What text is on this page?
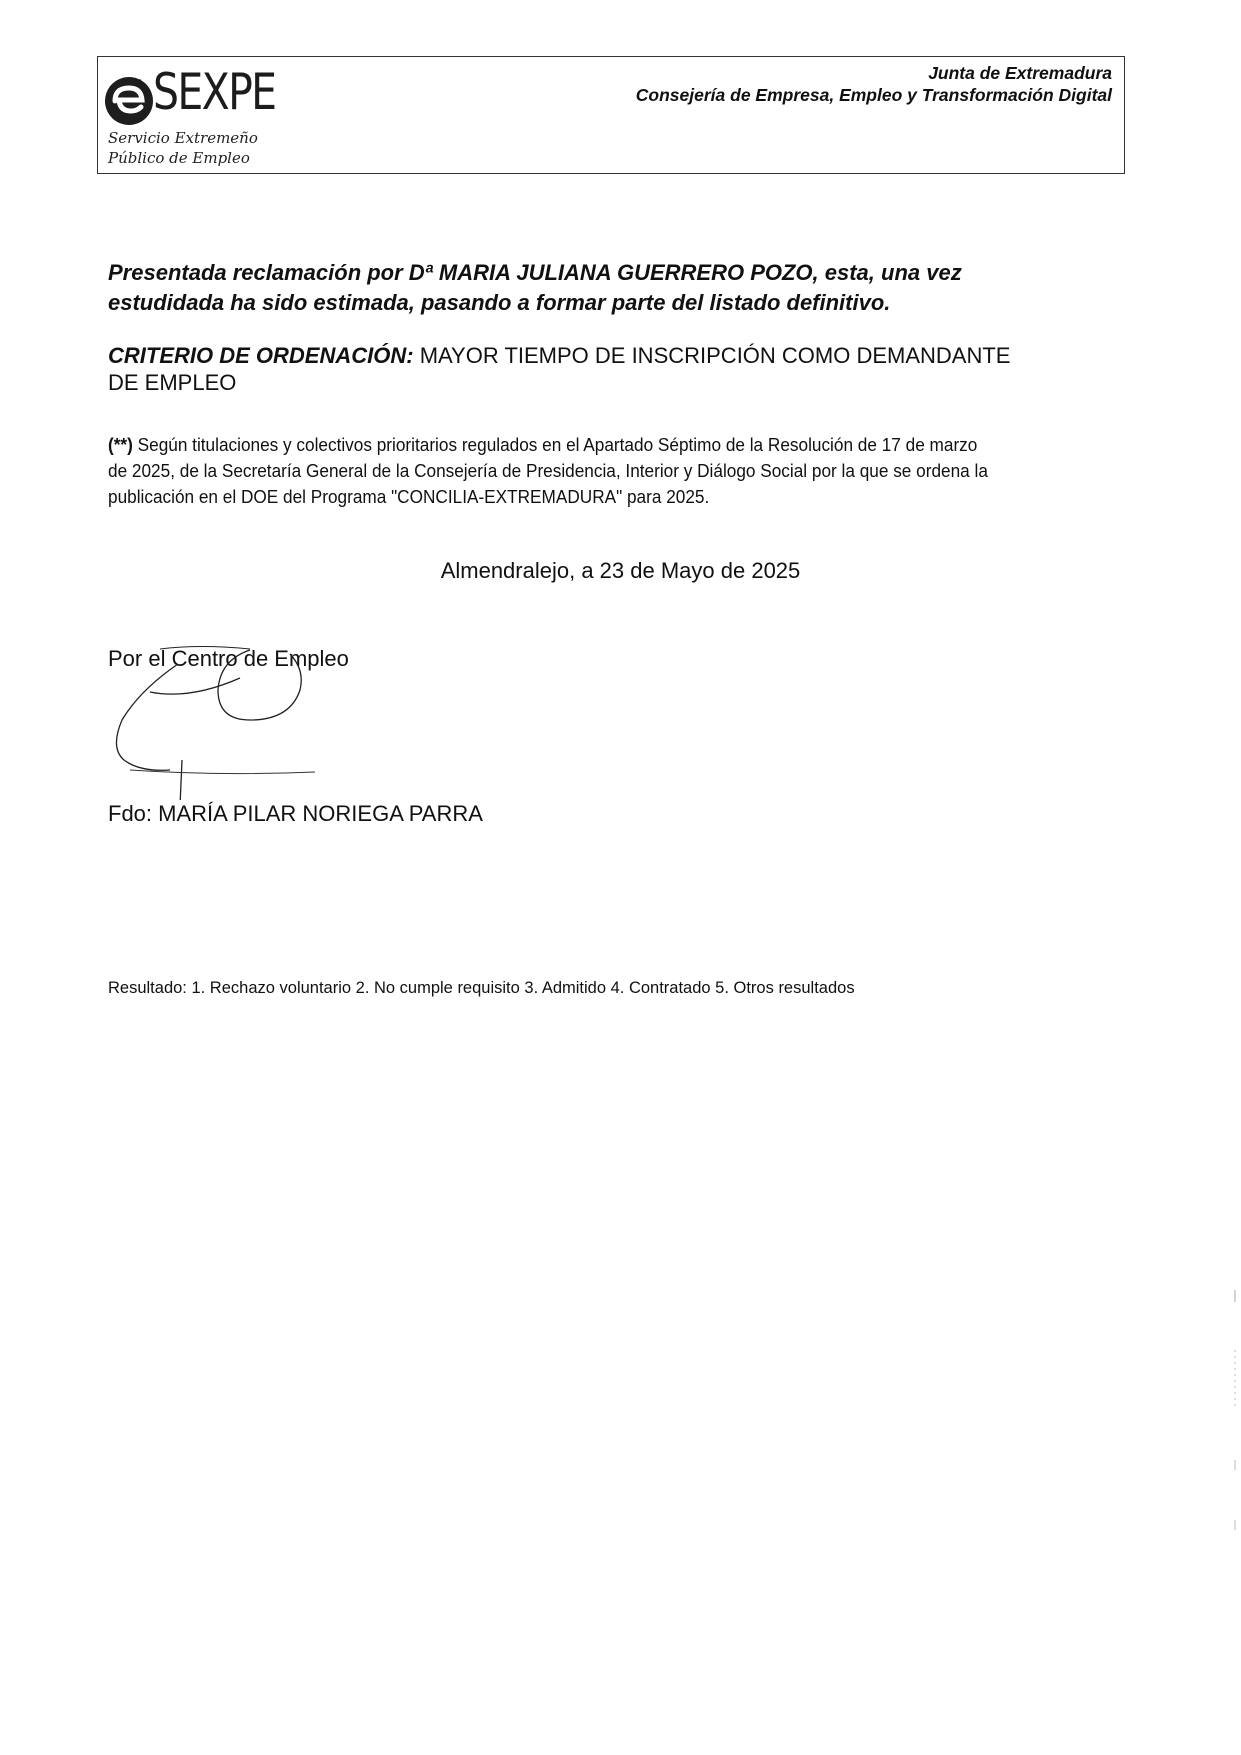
SEXPE
Servicio Extremeño
Público de Empleo
Junta de Extremadura
Consejería de Empresa, Empleo y Transformación Digital
Presentada reclamación por Dª MARIA JULIANA GUERRERO POZO, esta, una vez
estudidada ha sido estimada, pasando a formar parte del listado definitivo.
CRITERIO DE ORDENACIÓN: MAYOR TIEMPO DE INSCRIPCIÓN COMO DEMANDANTE
DE EMPLEO
(**) Según titulaciones y colectivos prioritarios regulados en el Apartado Séptimo de la Resolución de 17 de marzo
de 2025, de la Secretaría General de la Consejería de Presidencia, Interior y Diálogo Social por la que se ordena la
publicación en el DOE del Programa "CONCILIA-EXTREMADURA" para 2025.
Almendralejo, a 23 de Mayo de 2025
Por el Centro de Empleo
Fdo: MARÍA PILAR NORIEGA PARRA
Resultado: 1. Rechazo voluntario 2. No cumple requisito 3. Admitido 4. Contratado 5. Otros resultados
